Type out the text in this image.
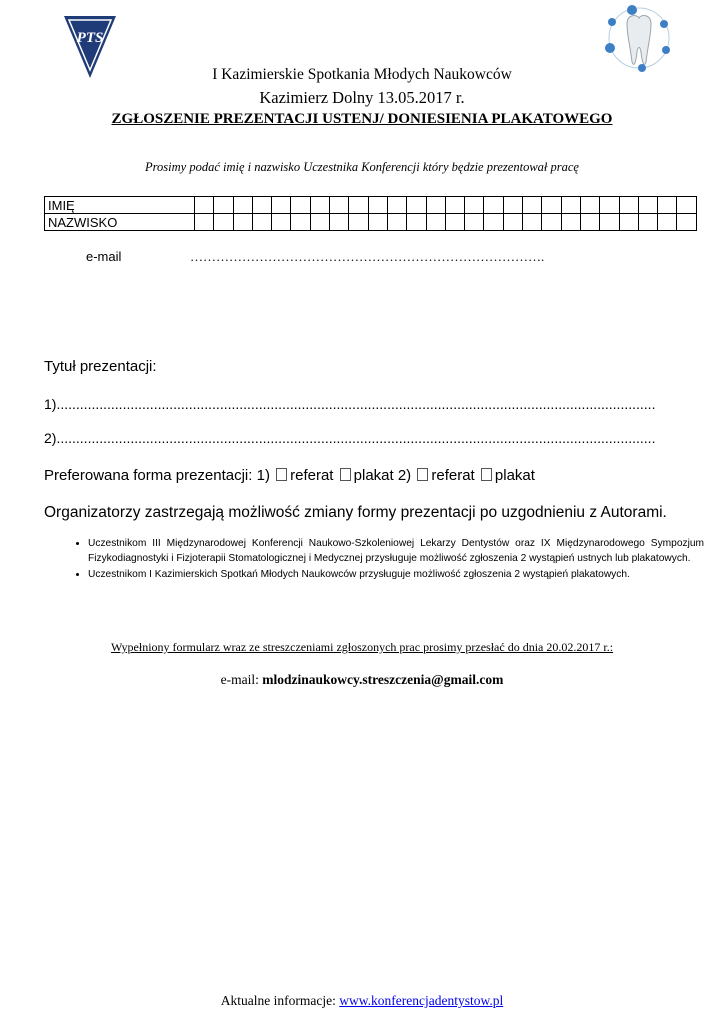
PTS
I Kazimierskie Spotkania Młodych Naukowców
Kazimierz Dolny 13.05.2017 r.
ZGŁOSZENIE PREZENTACJI USTENJ/ DONIESIENIA PLAKATOWEGO
Prosimy podać imię i nazwisko Uczestnika Konferencji który będzie prezentował pracę
IMIĘ																										
NAZWISKO																										
e-mail	……………………………………………………………………….
Tytuł prezentacji:
1)..........................................................................................................................................................
2)..........................................................................................................................................................
Preferowana forma prezentacji: 1) referat plakat 2) referat plakat
Organizatorzy zastrzegają możliwość zmiany formy prezentacji po uzgodnieniu z Autorami.
• Uczestnikom III Międzynarodowej Konferencji Naukowo-Szkoleniowej Lekarzy Dentystów oraz IX Międzynarodowego Sympozjum Fizykodiagnostyki i Fizjoterapii Stomatologicznej i Medycznej przysługuje możliwość zgłoszenia 2 wystąpień ustnych lub plakatowych.
• Uczestnikom I Kazimierskich Spotkań Młodych Naukowców przysługuje możliwość zgłoszenia 2 wystąpień plakatowych.
Wypełniony formularz wraz ze streszczeniami zgłoszonych prac prosimy przesłać do dnia 20.02.2017 r.:
e-mail: mlodzinaukowcy.streszczenia@gmail.com
Aktualne informacje: www.konferencjadentystow.pl
